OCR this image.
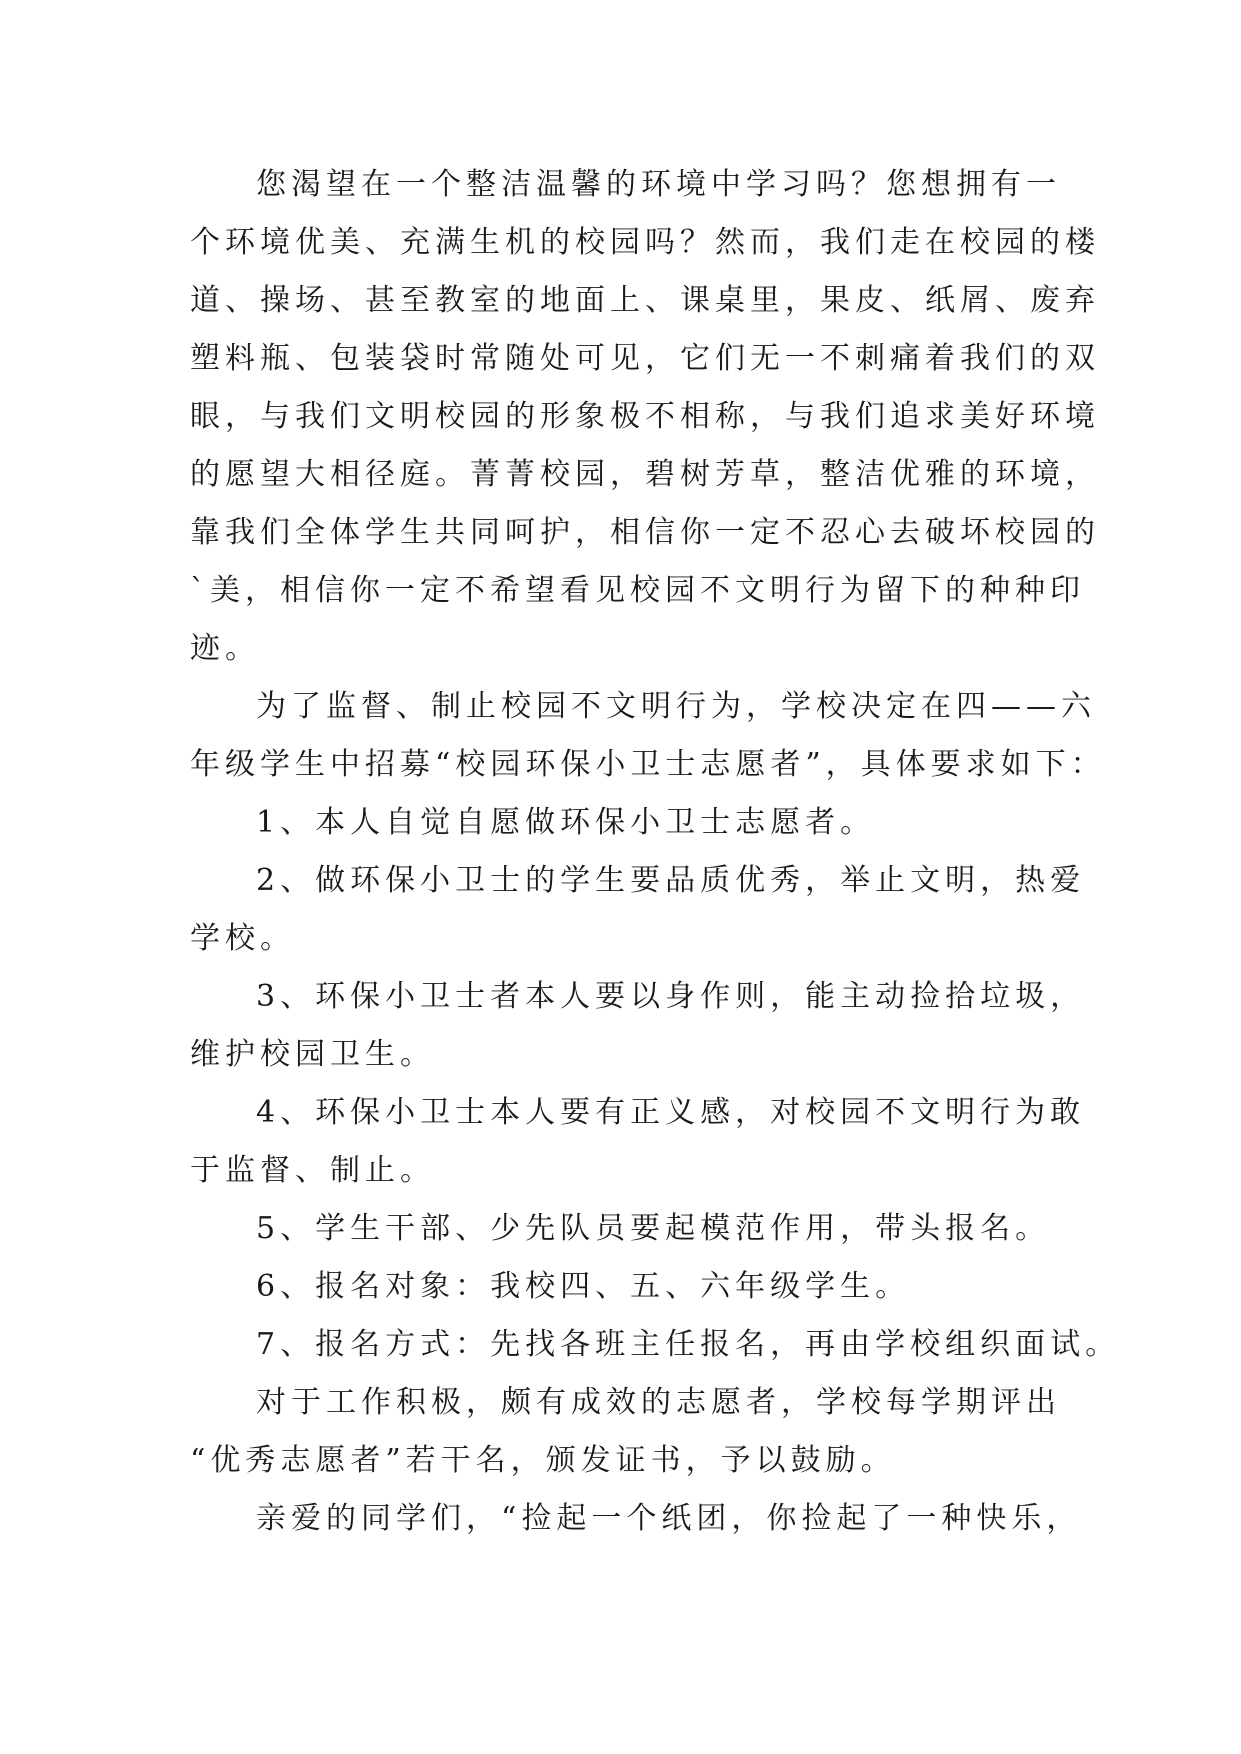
您渴望在一个整洁温馨的环境中学习吗？您想拥有一
个环境优美、充满生机的校园吗？然而，我们走在校园的楼
道、操场、甚至教室的地面上、课桌里，果皮、纸屑、废弃
塑料瓶、包装袋时常随处可见，它们无一不刺痛着我们的双
眼，与我们文明校园的形象极不相称，与我们追求美好环境
的愿望大相径庭。菁菁校园，碧树芳草，整洁优雅的环境，
靠我们全体学生共同呵护，相信你一定不忍心去破坏校园的
`美，相信你一定不希望看见校园不文明行为留下的种种印
迹。
为了监督、制止校园不文明行为，学校决定在四——六
年级学生中招募“校园环保小卫士志愿者”，具体要求如下：
1、本人自觉自愿做环保小卫士志愿者。
2、做环保小卫士的学生要品质优秀，举止文明，热爱
学校。
3、环保小卫士者本人要以身作则，能主动捡拾垃圾，
维护校园卫生。
4、环保小卫士本人要有正义感，对校园不文明行为敢
于监督、制止。
5、学生干部、少先队员要起模范作用，带头报名。
6、报名对象：我校四、五、六年级学生。
7、报名方式：先找各班主任报名，再由学校组织面试。
对于工作积极，颇有成效的志愿者，学校每学期评出
“优秀志愿者”若干名，颁发证书，予以鼓励。
亲爱的同学们，“捡起一个纸团，你捡起了一种快乐，
